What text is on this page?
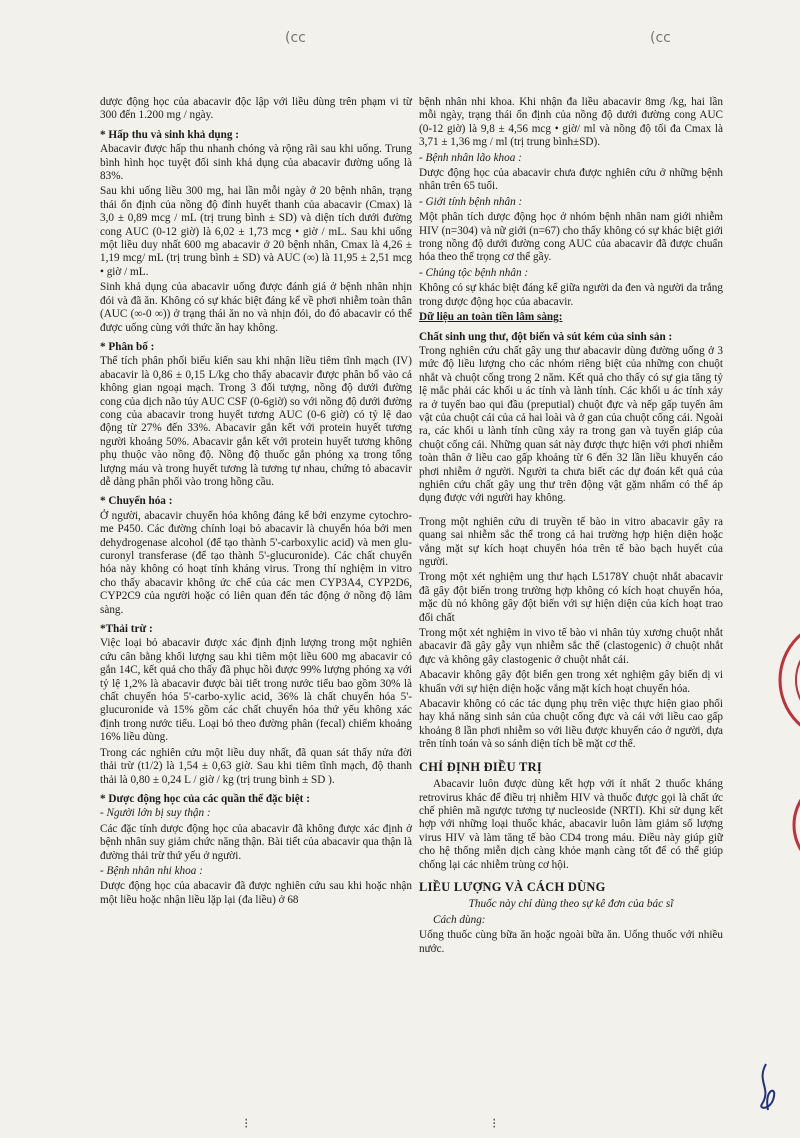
(cc	(cc

dược động học của abacavir độc lập với liều dùng trên phạm vi từ 300 đến 1.200 mg / ngày.

* Hấp thu và sinh khả dụng :

Abacavir được hấp thu nhanh chóng và rộng rãi sau khi uống. Trung bình hình học tuyệt đối sinh khả dụng của abacavir đường uống là 83%.

Sau khi uống liều 300 mg, hai lần mỗi ngày ở 20 bệnh nhân, trạng thái ổn định của nồng độ đỉnh huyết thanh của abacavir (Cmax) là 3,0 ± 0,89 mcg / mL (trị trung bình ± SD) và diện tích dưới đường cong AUC (0-12 giờ) là 6,02 ± 1,73 mcg • giờ / mL. Sau khi uống một liều duy nhất 600 mg abacavir ở 20 bệnh nhân, Cmax là 4,26 ± 1,19 mcg/ mL (trị trung bình ± SD) và AUC (∞) là 11,95 ± 2,51 mcg • giờ / mL.

Sinh khả dụng của abacavir uống được đánh giá ở bệnh nhân nhịn đói và đã ăn. Không có sự khác biệt đáng kể về phơi nhiễm toàn thân (AUC (∞-0 ∞)) ở trạng thái ăn no và nhịn đói, do đó abacavir có thể được uống cùng với thức ăn hay không.

* Phân bố :

Thể tích phân phối biểu kiến sau khi nhận liều tiêm tĩnh mạch (IV) abacavir là 0,86 ± 0,15 L/kg cho thấy abacavir được phân bố vào cả không gian ngoại mạch. Trong 3 đối tượng, nồng độ dưới đường cong của dịch não tủy AUC CSF (0-6giờ) so với nồng độ dưới đường cong của abacavir trong huyết tương AUC (0-6 giờ) có tỷ lệ dao động từ 27% đến 33%. Abacavir gắn kết với protein huyết tương người khoảng 50%. Abacavir gắn kết với protein huyết tương không phụ thuộc vào nồng độ. Nồng độ thuốc gắn phóng xạ trong tổng lượng máu và trong huyết tương là tương tự nhau, chứng tỏ abacavir dễ dàng phân phối vào trong hồng cầu.

* Chuyển hóa :

Ở người, abacavir chuyển hóa không đáng kể bởi enzyme cytochro- me P450. Các đường chính loại bỏ abacavir là chuyển hóa bởi men dehydrogenase alcohol (để tạo thành 5'-carboxylic acid) và men glu-curonyl transferase (để tạo thành 5'-glucuronide). Các chất chuyển hóa này không có hoạt tính kháng virus. Trong thí nghiệm in vitro cho thấy abacavir không ức chế của các men CYP3A4, CYP2D6, CYP2C9 của người hoặc có liên quan đến tác động ở nồng độ lâm sàng.

*Thải trừ :

Việc loại bỏ abacavir được xác định định lượng trong một nghiên cứu cân bằng khối lượng sau khi tiêm một liều 600 mg abacavir có gắn 14C, kết quả cho thấy đã phục hồi được 99% lượng phóng xạ với tỷ lệ 1,2% là abacavir được bài tiết trong nước tiểu bao gồm 30% là chất chuyển hóa 5'-carbo-xylic acid, 36% là chất chuyển hóa 5'-glucuronide và 15% gồm các chất chuyển hóa thứ yếu không xác định trong nước tiểu. Loại bỏ theo đường phân (fecal) chiếm khoảng 16% liều dùng.

Trong các nghiên cứu một liều duy nhất, đã quan sát thấy nửa đời thải trừ (t1/2) là 1,54 ± 0,63 giờ. Sau khi tiêm tĩnh mạch, độ thanh thải là 0,80 ± 0,24 L / giờ / kg (trị trung bình ± SD ).

* Dược động học của các quần thể đặc biệt :

- Người lớn bị suy thận :

Các đặc tính dược động học của abacavir đã không được xác định ở bệnh nhân suy giảm chức năng thận. Bài tiết của abacavir qua thận là đường thải trừ thứ yếu ở người.

- Bệnh nhân nhi khoa :

Dược động học của abacavir đã được nghiên cứu sau khi hoặc nhận một liều hoặc nhận liều lặp lại (đa liều) ở 68

bệnh nhân nhi khoa. Khi nhận đa liều abacavir 8mg /kg, hai lần mỗi ngày, trạng thái ổn định của nồng độ dưới đường cong AUC (0-12 giờ) là 9,8 ± 4,56 mcg • giờ/ ml và nồng độ tối đa Cmax là 3,71 ± 1,36 mg / ml (trị trung bình±SD).

- Bệnh nhân lão khoa :

Dược động học của abacavir chưa được nghiên cứu ở những bệnh nhân trên 65 tuổi.

- Giới tính bệnh nhân :

Một phân tích dược động học ở nhóm bệnh nhân nam giới nhiễm HIV (n=304) và nữ giới (n=67) cho thấy không có sự khác biệt giới trong nồng độ dưới đường cong AUC của abacavir đã được chuẩn hóa theo thể trọng cơ thể gầy.

- Chủng tộc bệnh nhân :

Không có sự khác biệt đáng kể giữa người da đen và người da trắng trong dược động học của abacavir.

Dữ liệu an toàn tiền lâm sàng:

Chất sinh ung thư, đột biến và sút kém của sinh sản :

Trong nghiên cứu chất gây ung thư abacavir dùng đường uống ở 3 mức độ liều lượng cho các nhóm riêng biệt của những con chuột nhắt và chuột cống trong 2 năm. Kết quả cho thấy có sự gia tăng tỷ lệ mắc phải các khối u ác tính và lành tính. Các khối u ác tính xảy ra ở tuyến bao qui đầu (preputial) chuột đực và nếp gấp tuyến âm vật của chuột cái của cả hai loài và ở gan của chuột cống cái. Ngoài ra, các khối u lành tính cũng xảy ra trong gan và tuyến giáp của chuột cống cái. Những quan sát này được thực hiện với phơi nhiễm toàn thân ở liều cao gấp khoảng từ 6 đến 32 lần liều khuyến cáo phơi nhiễm ở người. Người ta chưa biết các dự đoán kết quả của nghiên cứu chất gây ung thư trên động vật gặm nhấm có thể áp dụng được với người hay không.

Trong một nghiên cứu di truyền tế bào in vitro abacavir gây ra quang sai nhiễm sắc thể trong cả hai trường hợp hiện diện hoặc vắng mặt sự kích hoạt chuyển hóa trên tế bào bạch huyết của người.

Trong một xét nghiệm ung thư hạch L5178Y chuột nhắt abacavir đã gây đột biến trong trường hợp không có kích hoạt chuyển hóa, mặc dù nó không gây đột biến với sự hiện diện của kích hoạt trao đổi chất

Trong một xét nghiệm in vivo tế bào vi nhân tủy xương chuột nhắt abacavir đã gây gẫy vụn nhiễm sắc thể (clastogenic) ở chuột nhắt đực và không gây clastogenic ở chuột nhắt cái.

Abacavir không gây đột biến gen trong xét nghiệm gây biến dị vi khuẩn với sự hiện diện hoặc vắng mặt kích hoạt chuyển hóa.

Abacavir không có các tác dụng phụ trên việc thực hiện giao phối hay khả năng sinh sản của chuột cống đực và cái với liều cao gấp khoảng 8 lần phơi nhiễm so với liều được khuyến cáo ở người, dựa trên tính toán và so sánh diện tích bề mặt cơ thể.

CHỈ ĐỊNH ĐIỀU TRỊ

Abacavir luôn được dùng kết hợp với ít nhất 2 thuốc kháng retrovirus khác để điều trị nhiễm HIV và thuốc được gọi là chất ức chế phiên mã ngược tương tự nucleoside (NRTI). Khi sử dụng kết hợp với những loại thuốc khác, abacavir luôn làm giảm số lượng virus HIV và làm tăng tế bào CD4 trong máu. Điều này giúp giữ cho hệ thống miễn dịch càng khỏe mạnh càng tốt để có thể giúp chống lại các nhiễm trùng cơ hội.

LIỀU LƯỢNG VÀ CÁCH DÙNG

Thuốc này chỉ dùng theo sự kê đơn của bác sĩ

Cách dùng:

Uống thuốc cùng bữa ăn hoặc ngoài bữa ăn. Uống thuốc với nhiều nước.

⁝	⁝
